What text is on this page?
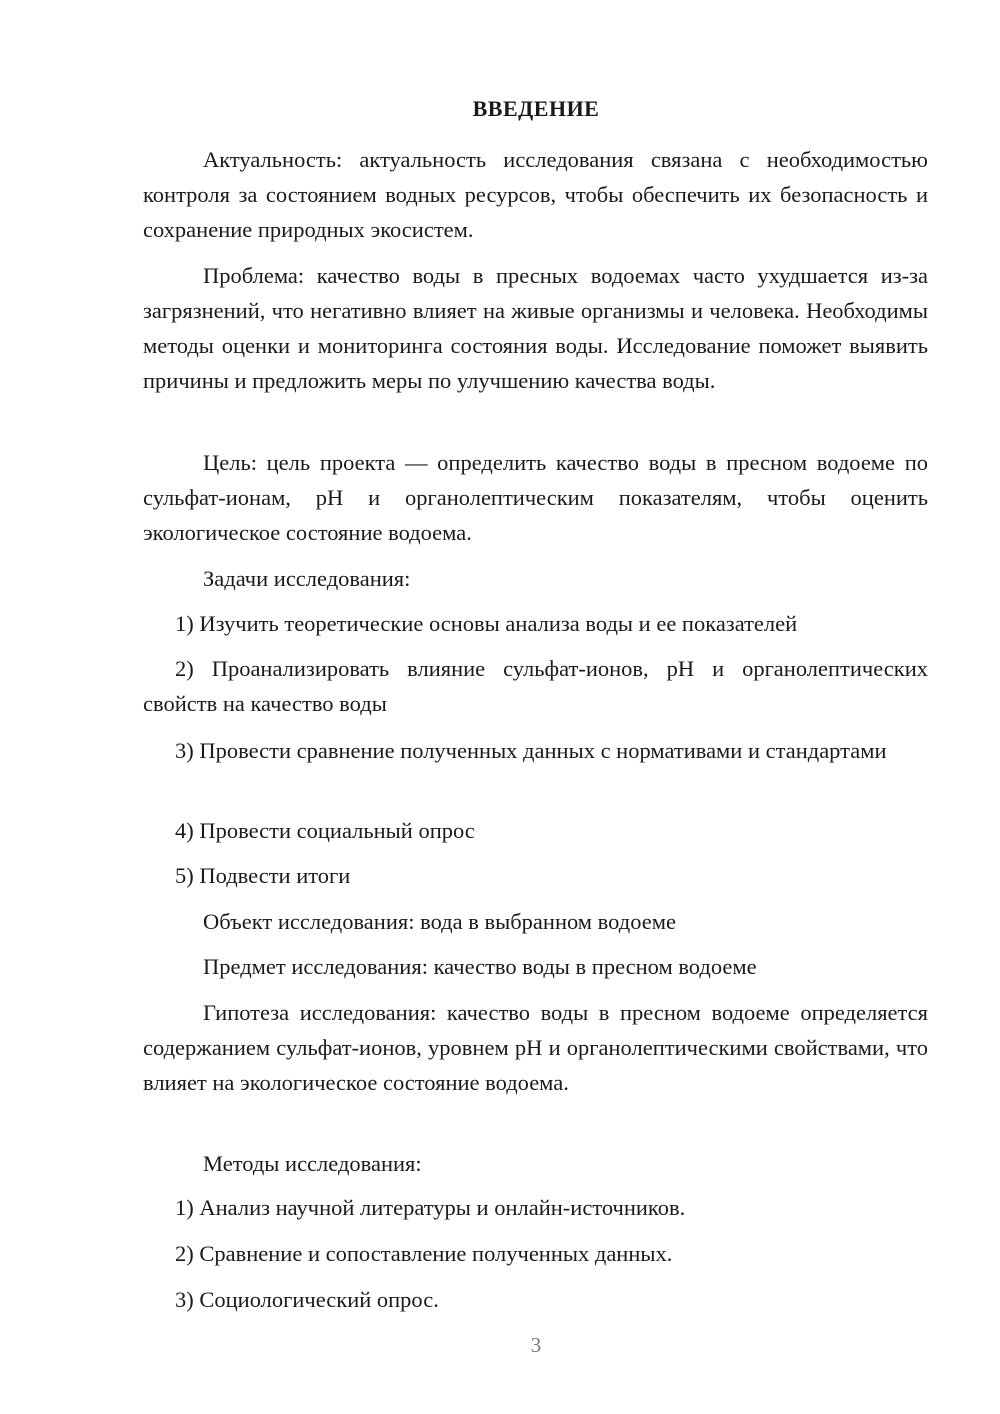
ВВЕДЕНИЕ

Актуальность: актуальность исследования связана с необходимостью контроля за состоянием водных ресурсов, чтобы обеспечить их безопасность и сохранение природных экосистем.

Проблема: качество воды в пресных водоемах часто ухудшается из-за загрязнений, что негативно влияет на живые организмы и человека. Необходимы методы оценки и мониторинга состояния воды. Исследование поможет выявить причины и предложить меры по улучшению качества воды.

Цель: цель проекта — определить качество воды в пресном водоеме по сульфат-ионам, pH и органолептическим показателям, чтобы оценить экологическое состояние водоема.

Задачи исследования:

1) Изучить теоретические основы анализа воды и ее показателей

2) Проанализировать влияние сульфат-ионов, pH и органолептических свойств на качество воды

3) Провести сравнение полученных данных с нормативами и стандартами

4) Провести социальный опрос

5) Подвести итоги

Объект исследования: вода в выбранном водоеме

Предмет исследования: качество воды в пресном водоеме

Гипотеза исследования: качество воды в пресном водоеме определяется содержанием сульфат-ионов, уровнем pH и органолептическими свойствами, что влияет на экологическое состояние водоема.

Методы исследования:

1) Анализ научной литературы и онлайн-источников.

2) Сравнение и сопоставление полученных данных.

3) Социологический опрос.

3
